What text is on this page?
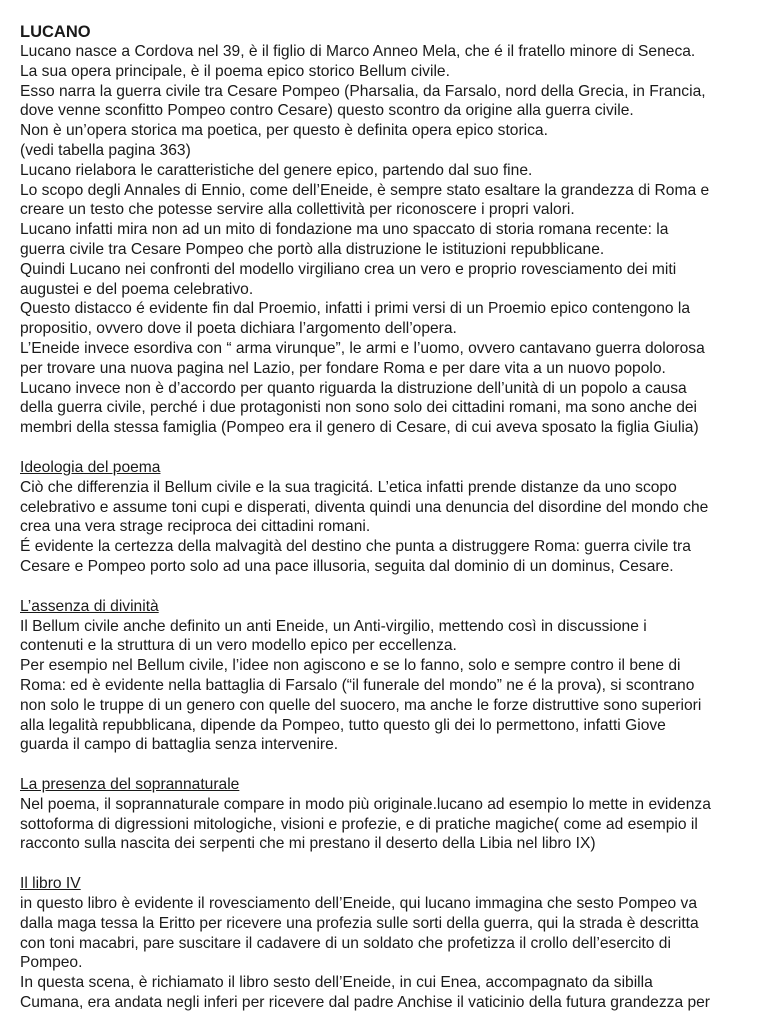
LUCANO

Lucano nasce a Cordova nel 39, è il figlio di Marco Anneo Mela, che é il fratello minore di Seneca.
La sua opera principale, è il poema epico storico Bellum civile.
Esso narra la guerra civile tra Cesare Pompeo (Pharsalia, da Farsalo, nord della Grecia, in Francia,
dove venne sconfitto Pompeo contro Cesare) questo scontro da origine alla guerra civile.
Non è un’opera storica ma poetica, per questo è definita opera epico storica.
(vedi tabella pagina 363)
Lucano rielabora le caratteristiche del genere epico, partendo dal suo fine.
Lo scopo degli Annales di Ennio, come dell’Eneide, è sempre stato esaltare la grandezza di Roma e
creare un testo che potesse servire alla collettività per riconoscere i propri valori.
Lucano infatti mira non ad un mito di fondazione ma uno spaccato di storia romana recente: la
guerra civile tra Cesare Pompeo che portò alla distruzione le istituzioni repubblicane.
Quindi Lucano nei confronti del modello virgiliano crea un vero e proprio rovesciamento dei miti
augustei e del poema celebrativo.
Questo distacco é evidente fin dal Proemio, infatti i primi versi di un Proemio epico contengono la
propositio, ovvero dove il poeta dichiara l’argomento dell’opera.
L’Eneide invece esordiva con “ arma virunque”, le armi e l’uomo, ovvero cantavano guerra dolorosa
per trovare una nuova pagina nel Lazio, per fondare Roma e per dare vita a un nuovo popolo.
Lucano invece non è d’accordo per quanto riguarda la distruzione dell’unità di un popolo a causa
della guerra civile, perché i due protagonisti non sono solo dei cittadini romani, ma sono anche dei
membri della stessa famiglia (Pompeo era il genero di Cesare, di cui aveva sposato la figlia Giulia)

Ideologia del poema

Ciò che differenzia il Bellum civile e la sua tragicitá. L’etica infatti prende distanze da uno scopo
celebrativo e assume toni cupi e disperati, diventa quindi una denuncia del disordine del mondo che
crea una vera strage reciproca dei cittadini romani.
É evidente la certezza della malvagità del destino che punta a distruggere Roma: guerra civile tra
Cesare e Pompeo porto solo ad una pace illusoria, seguita dal dominio di un dominus, Cesare.

L’assenza di divinità

Il Bellum civile anche definito un anti Eneide, un Anti-virgilio, mettendo così in discussione i
contenuti e la struttura di un vero modello epico per eccellenza.
Per esempio nel Bellum civile, l’idee non agiscono e se lo fanno, solo e sempre contro il bene di
Roma: ed è evidente nella battaglia di Farsalo (“il funerale del mondo” ne é la prova), si scontrano
non solo le truppe di un genero con quelle del suocero, ma anche le forze distruttive sono superiori
alla legalità repubblicana, dipende da Pompeo, tutto questo gli dei lo permettono, infatti Giove
guarda il campo di battaglia senza intervenire.

La presenza del soprannaturale

Nel poema, il soprannaturale compare in modo più originale.lucano ad esempio lo mette in evidenza
sottoforma di digressioni mitologiche, visioni e profezie, e di pratiche magiche( come ad esempio il
racconto sulla nascita dei serpenti che mi prestano il deserto della Libia nel libro IX)

Il libro IV

in questo libro è evidente il rovesciamento dell’Eneide, qui lucano immagina che sesto Pompeo va
dalla maga tessa la Eritto per ricevere una profezia sulle sorti della guerra, qui la strada è descritta
con toni macabri, pare suscitare il cadavere di un soldato che profetizza il crollo dell’esercito di
Pompeo.
In questa scena, è richiamato il libro sesto dell’Eneide, in cui Enea, accompagnato da sibilla
Cumana, era andata negli inferi per ricevere dal padre Anchise il vaticinio della futura grandezza per
